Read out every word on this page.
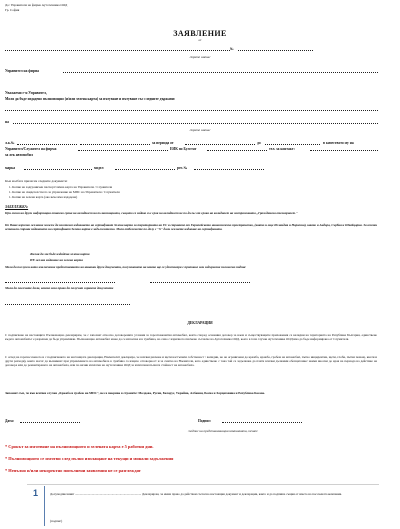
До: Управителя на фирма Аутотехника ООД
Гр. София
ЗАЯВЛЕНИЕ
от
№
/трите имена/
Управител на фирма
Уважаеми г-н Управител,
Моля да бъде издадено пълномощно (и/или зелена карта) за пътуване и пътуване със следните държави:
на
/трите имена/
л.к.№	за периода от	до	в качеството му на
Управител/Служител на фирма	ЕИК по Булстат	тел. за контакт:
за лек автомобил
марка	модел	рег. №
Към молбата прилагам следните документи:
1. Копие на задграничен паспорт/лична карта на Управителя / Служителя
1. Копие на свидетелството за управление на МПС на Управителя / Служителя
1. Копие на зелена карта (ако вече има издадена)
ЗАБЕЛЕЖКА:
При липса на други информация относно срока на валидност на пълномощното, същото се издава със срок на валидност не по-дълъг от срока на валидност на застраховката „Гражданска отговорност."
По Ваше изрично желание можем да изготвим издаването на сертификат Зелена карта за територията на ЕС и страните от Европейското икономическо пространство, (както и още Исландия и Норвегия), както и Андора, Сърбия и Швейцария. За всички останали страни издаването на сертификат Зелена карта е задължително. Моля отбележете по-долу с "Х" дали желаете издаване на сертификата.
Желая да ми бъде издадена зелена карта
НЕ желая издаване на зелена карта
Моля да послужи като изключение предоставянето на никакви други документи, получаването на които ще се удостовери с протокол или задържане положено подпис
Моля да посочите дали, които има право да получат горните документи
ДЕКЛАРАЦИЯ
С подписване на настоящите Пълномощно декларирам, че с запознат относно договорените условия за гореспоменатия автомобил, които според основния договор за наем и съществуващите приложения са валидни на територията на Република България, единствено където автомобилът е разрешен да бъде управляван. Пълномощно автомобил може да се използва и в чужбина, но само с изричното писмено съгласие на Аутотехника ООД, което в тези случаи Аутотехника ООД има да бъде информирана от Служителя.
С оглед на горепосоченото и с подписването на настоящата декларация, Наемателят декларира, че всички рискове и щети настъпили собственост / валидни, но не ограничени до кражба, кражба, грабеж на автомобил, пътно инцидентни, щети, глоби, пътни помощ, квоти и други разходи), които могат да възникнат при управлението на автомобила в чужбина са изцяло отговорност и за сметка на Наемателя, като единствено с това той се задължава да плати всички дължими обезщетение/ наеми вносни до края на периода на действие на договора или до ремонтирането на автомобила, или по начин изплатен на Аутотехника ООД за изплатени пълната стойност на автомобила.
Запознат съм, че във всички случаи „Кражба и грабеж на МПС", не се покрива в страните: Молдова, Русия, Беларус, Украйна, Албания, Босна и Херцеговина и Република Косово.
Дата:	Подпис:
/подпис на представляващия компанията, печат/
* Срокът за изготвяне на пълномощното и зелената карта е 5 работни дни.
* Пълномощното се изготви след пълно изплащане на текущи и минали задължения
* Непълно и/или некоректно попълнени заявления не се разглеждат
1	Долуподписаният ................................................................................... Декларирам, че имам право да действам съгласно настоящия документ и декларация, както и да подпиша същия от името на посочената компания.
(подпис)
